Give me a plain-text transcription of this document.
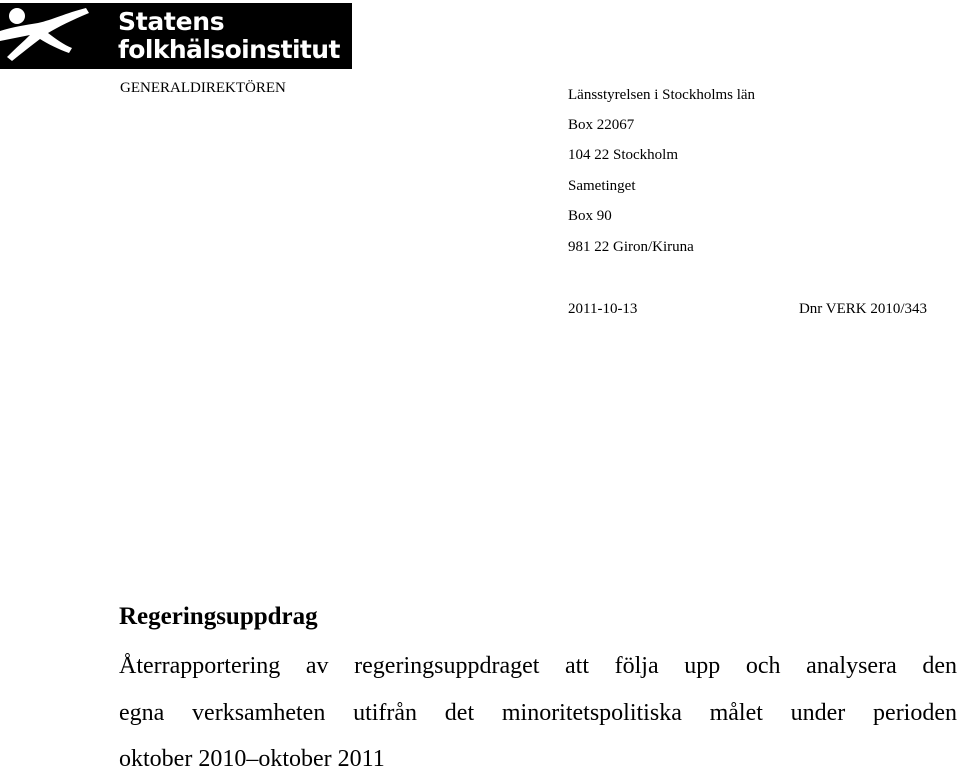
Statens
folkhälsoinstitut
GENERALDIREKTÖREN	Länsstyrelsen i Stockholms län
Box 22067
104 22 Stockholm
Sametinget
Box 90
981 22 Giron/Kiruna
2011-10-13	Dnr VERK 2010/343
Regeringsuppdrag
Återrapportering av regeringsuppdraget att följa upp och analysera den
egna verksamheten utifrån det minoritetspolitiska målet under perioden
oktober 2010–oktober 2011
